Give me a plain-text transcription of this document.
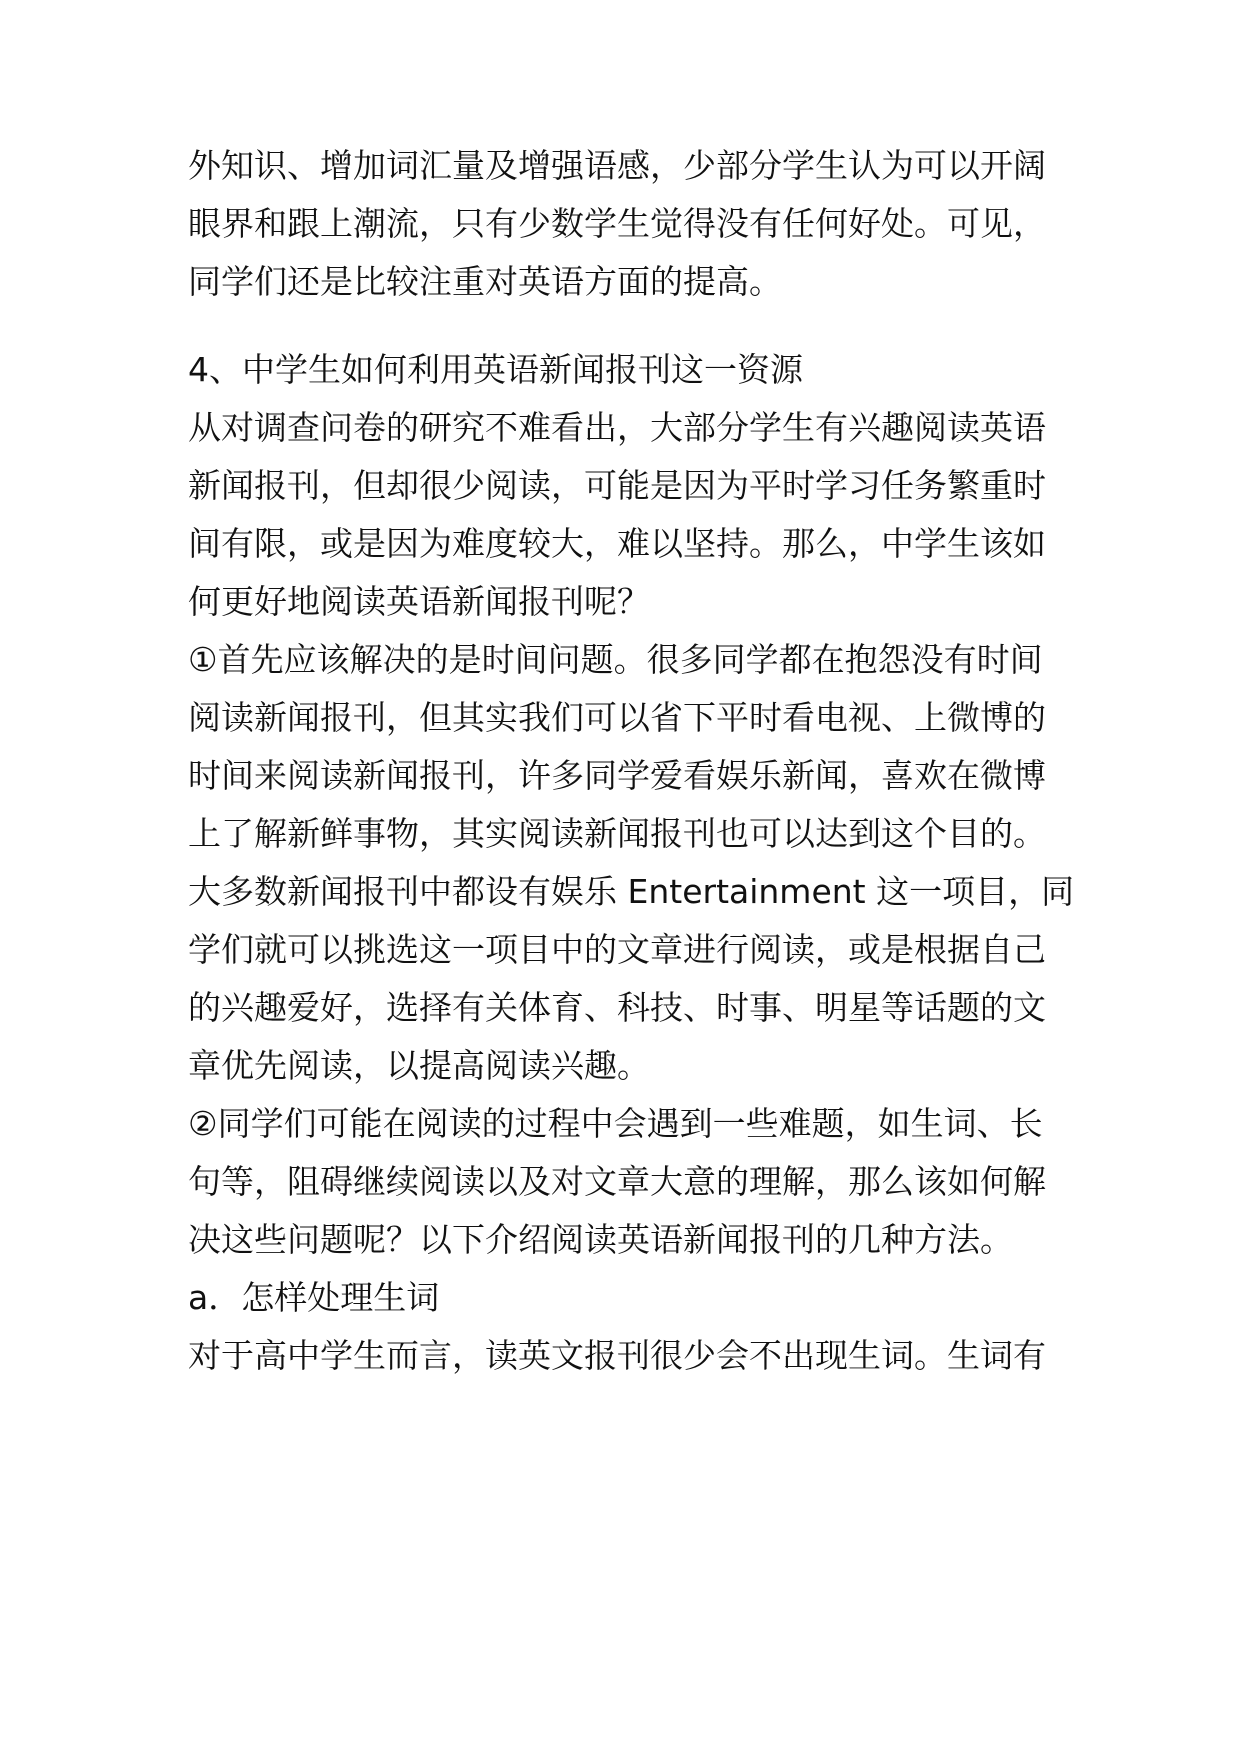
外知识、增加词汇量及增强语感，少部分学生认为可以开阔
眼界和跟上潮流，只有少数学生觉得没有任何好处。可见，
同学们还是比较注重对英语方面的提高。
4、中学生如何利用英语新闻报刊这一资源
从对调查问卷的研究不难看出，大部分学生有兴趣阅读英语
新闻报刊，但却很少阅读，可能是因为平时学习任务繁重时
间有限，或是因为难度较大，难以坚持。那么，中学生该如
何更好地阅读英语新闻报刊呢？
①首先应该解决的是时间问题。很多同学都在抱怨没有时间
阅读新闻报刊，但其实我们可以省下平时看电视、上微博的
时间来阅读新闻报刊，许多同学爱看娱乐新闻，喜欢在微博
上了解新鲜事物，其实阅读新闻报刊也可以达到这个目的。
大多数新闻报刊中都设有娱乐 Entertainment 这一项目，同
学们就可以挑选这一项目中的文章进行阅读，或是根据自己
的兴趣爱好，选择有关体育、科技、时事、明星等话题的文
章优先阅读，以提高阅读兴趣。
②同学们可能在阅读的过程中会遇到一些难题，如生词、长
句等，阻碍继续阅读以及对文章大意的理解，那么该如何解
决这些问题呢？以下介绍阅读英语新闻报刊的几种方法。
a．怎样处理生词
对于高中学生而言，读英文报刊很少会不出现生词。生词有
